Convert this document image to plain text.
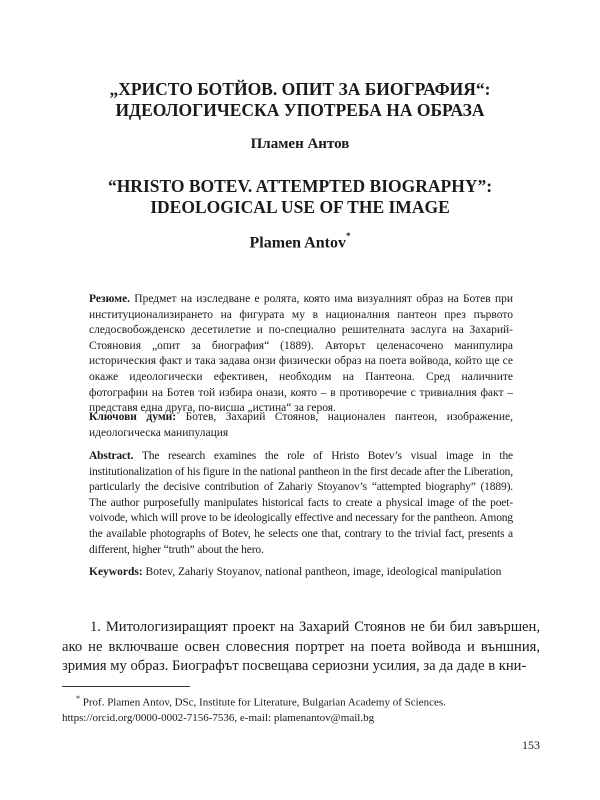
„ХРИСТО БОТЙОВ. ОПИТ ЗА БИОГРАФИЯ“:
ИДЕОЛОГИЧЕСКА УПОТРЕБА НА ОБРАЗА

Пламен Антов

“HRISTO BOTEV. ATTEMPTED BIOGRAPHY”:
IDEOLOGICAL USE OF THE IMAGE

Plamen Antov*

Резюме. Предмет на изследване е ролята, която има визуалният образ на Ботев при институционализирането на фигурата му в националния пантеон през първото следосвобожденско десетилетие и по-специално решителната заслуга на Захарий-Стояновия „опит за биография“ (1889). Авторът целенасочено манипулира историческия факт и така задава онзи физически образ на поета войвода, който ще се окаже идеологически ефективен, необходим на Пантеона. Сред наличните фотографии на Ботев той избира онази, която – в противоречие с тривиалния факт – представя една друга, по-висша „истина“ за героя.

Ключови думи: Ботев, Захарий Стоянов, национален пантеон, изображение, идеологическа манипулация

Abstract. The research examines the role of Hristo Botev’s visual image in the institutionalization of his figure in the national pantheon in the first decade after the Liberation, particularly the decisive contribution of Zahariy Stoyanov’s “attempted biography” (1889). The author purposefully manipulates historical facts to create a physical image of the poet-voivode, which will prove to be ideologically effective and necessary for the pantheon. Among the available photographs of Botev, he selects one that, contrary to the trivial fact, presents a different, higher “truth” about the hero.

Keywords: Botev, Zahariy Stoyanov, national pantheon, image, ideological manipulation

1. Митологизиращият проект на Захарий Стоянов не би бил завършен, ако не включваше освен словесния портрет на поета войвода и външния, зримия му образ. Биографът посвещава сериозни усилия, за да даде в кни-

* Prof. Plamen Antov, DSc, Institute for Literature, Bulgarian Academy of Sciences. https://orcid.org/0000-0002-7156-7536, e-mail: plamenantov@mail.bg

153
